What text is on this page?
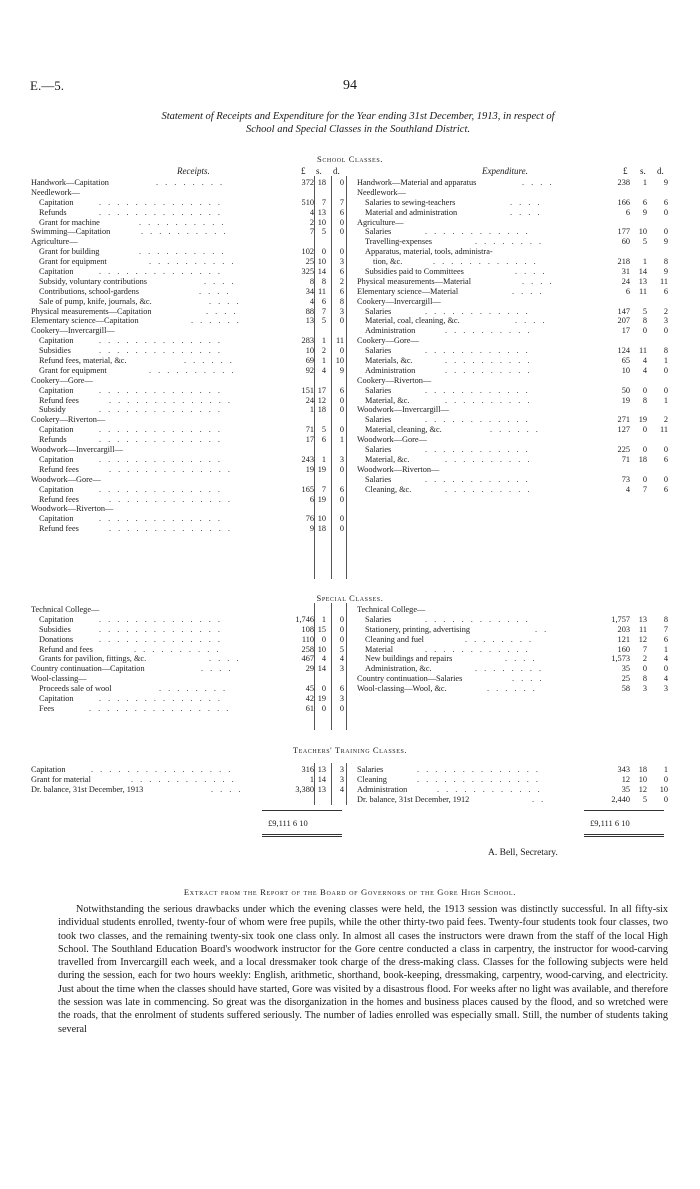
E.—5.	94
Statement of Receipts and Expenditure for the Year ending 31st December, 1913, in respect of
School and Special Classes in the Southland District.
School Classes.
Receipts.	Expenditure.
£ s. d.	£ s. d.
Handwork—Capitation	. . . . . . . .	372 18 0
Needlework—
Capitation	. . . . . . . . . . . . . .	510 7 7
Refunds	. . . . . . . . . . . . . .	4 13 6
Grant for machine	. . . . . . . . . .	2 10 0
Swimming—Capitation	. . . . . . . . . .	7 5 0
Agriculture—
Grant for building	. . . . . . . . . .	102 0 0
Grant for equipment	. . . . . . . . . .	25 10 3
Capitation	. . . . . . . . . . . . . .	325 14 6
Subsidy, voluntary contributions	. . . .	8 8 2
Contributions, school-gardens	. . . .	34 11 6
Sale of pump, knife, journals, &c.	. . . .	4 6 8
Physical measurements—Capitation	. . . .	88 7 3
Elementary science—Capitation	. . . . . .	13 5 0
Cookery—Invercargill—
Capitation	. . . . . . . . . . . . . .	283 1 11
Subsidies	. . . . . . . . . . . . . .	10 2 0
Refund fees, material, &c.	. . . . . .	69 1 10
Grant for equipment	. . . . . . . . . .	92 4 9
Cookery—Gore—
Capitation	. . . . . . . . . . . . . .	151 17 6
Refund fees	. . . . . . . . . . . . . .	24 12 0
Subsidy	. . . . . . . . . . . . . .	1 18 0
Cookery—Riverton—
Capitation	. . . . . . . . . . . . . .	71 5 0
Refunds	. . . . . . . . . . . . . .	17 6 1
Woodwork—Invercargill—
Capitation	. . . . . . . . . . . . . .	243 1 3
Refund fees	. . . . . . . . . . . . . .	19 19 0
Woodwork—Gore—
Capitation	. . . . . . . . . . . . . .	165 7 6
Refund fees	. . . . . . . . . . . . . .	6 19 0
Woodwork—Riverton—
Capitation	. . . . . . . . . . . . . .	76 10 0
Refund fees	. . . . . . . . . . . . . .	9 18 0
Handwork—Material and apparatus	. . . .	238 1 9
Needlework—
Salaries to sewing-teachers	. . . .	166 6 6
Material and administration	. . . .	6 9 0
Agriculture—
Salaries	. . . . . . . . . . . .	177 10 0
Travelling-expenses	. . . . . . . .	60 5 9
Apparatus, material, tools, administra-
tion, &c.	. . . . . . . . . . . .	218 1 8
Subsidies paid to Committees	. . . .	31 14 9
Physical measurements—Material	. . . .	24 13 11
Elementary science—Material	. . . .	6 11 6
Cookery—Invercargill—
Salaries	. . . . . . . . . . . .	147 5 2
Material, coal, cleaning, &c.	. . . .	207 8 3
Administration	. . . . . . . . . .	17 0 0
Cookery—Gore—
Salaries	. . . . . . . . . . . .	124 11 8
Materials, &c.	. . . . . . . . . .	65 4 1
Administration	. . . . . . . . . .	10 4 0
Cookery—Riverton—
Salaries	. . . . . . . . . . . .	50 0 0
Material, &c.	. . . . . . . . . .	19 8 1
Woodwork—Invercargill—
Salaries	. . . . . . . . . . . .	271 19 2
Material, cleaning, &c.	. . . . . .	127 0 11
Woodwork—Gore—
Salaries	. . . . . . . . . . . .	225 0 0
Material, &c.	. . . . . . . . . .	71 18 6
Woodwork—Riverton—
Salaries	. . . . . . . . . . . .	73 0 0
Cleaning, &c.	. . . . . . . . . .	4 7 6
Special Classes.
Technical College—
Capitation	. . . . . . . . . . . . . .	1,746 1 0
Subsidies	. . . . . . . . . . . . . .	108 15 0
Donations	. . . . . . . . . . . . . .	110 0 0
Refund and fees	. . . . . . . . . .	258 10 5
Grants for pavilion, fittings, &c.	. . . .	467 4 4
Country continuation—Capitation	. . . .	29 14 3
Wool-classing—
Proceeds sale of wool	. . . . . . . .	45 0 6
Capitation	. . . . . . . . . . . . . .	42 19 3
Fees	. . . . . . . . . . . . . . . .	61 0 0
Technical College—
Salaries	. . . . . . . . . . . .	1,757 13 8
Stationery, printing, advertising	. .	203 11 7
Cleaning and fuel	. . . . . . . .	121 12 6
Material	. . . . . . . . . . . .	160 7 1
New buildings and repairs	. . . .	1,573 2 4
Administration, &c.	. . . . . . . .	35 0 0
Country continuation—Salaries	. . . .	25 8 4
Wool-classing—Wool, &c.	. . . . . .	58 3 3
Teachers' Training Classes.
Capitation	. . . . . . . . . . . . . . . .	316 13 3
Grant for material	. . . . . . . . . . . .	1 14 3
Dr. balance, 31st December, 1913	. . . .	3,380 13 4
Salaries	. . . . . . . . . . . . . .	343 18 1
Cleaning	. . . . . . . . . . . . . .	12 10 0
Administration	. . . . . . . . . . . .	35 12 10
Dr. balance, 31st December, 1912	. .	2,440 5 0
£9,111 6 10	£9,111 6 10
A. Bell, Secretary.
Extract from the Report of the Board of Governors of the Gore High School.

Notwithstanding the serious drawbacks under which the evening classes were held, the 1913 session was distinctly successful. In all fifty-six individual students enrolled, twenty-four of whom were free pupils, while the other thirty-two paid fees. Twenty-four students took four classes, two took two classes, and the remaining twenty-six took one class only. In almost all cases the instructors were drawn from the staff of the local High School. The Southland Education Board's woodwork instructor for the Gore centre conducted a class in carpentry, the instructor for wood-carving travelled from Invercargill each week, and a local dressmaker took charge of the dress-making class. Classes for the following subjects were held during the session, each for two hours weekly: English, arithmetic, shorthand, book-keeping, dressmaking, carpentry, wood-carving, and electricity. Just about the time when the classes should have started, Gore was visited by a disastrous flood. For weeks after no light was available, and therefore the session was late in commencing. So great was the disorganization in the homes and business places caused by the flood, and so wretched were the roads, that the enrolment of students suffered seriously. The number of ladies enrolled was especially small. Still, the number of students taking several
